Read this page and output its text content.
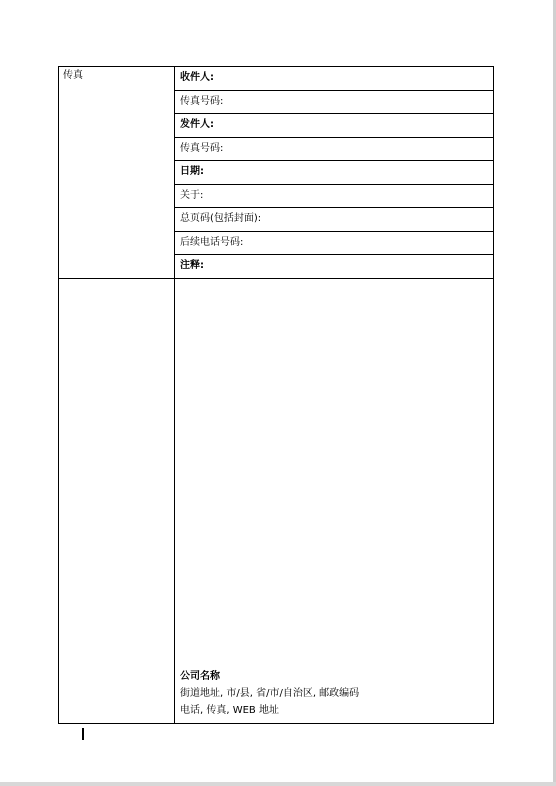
传真	收件人:
	传真号码:
	发件人:
	传真号码:
	日期:
	关于:
	总页码(包括封面):
	后续电话号码:
	注释:

	公司名称
街道地址, 市/县, 省/市/自治区, 邮政编码
电话, 传真, WEB 地址
